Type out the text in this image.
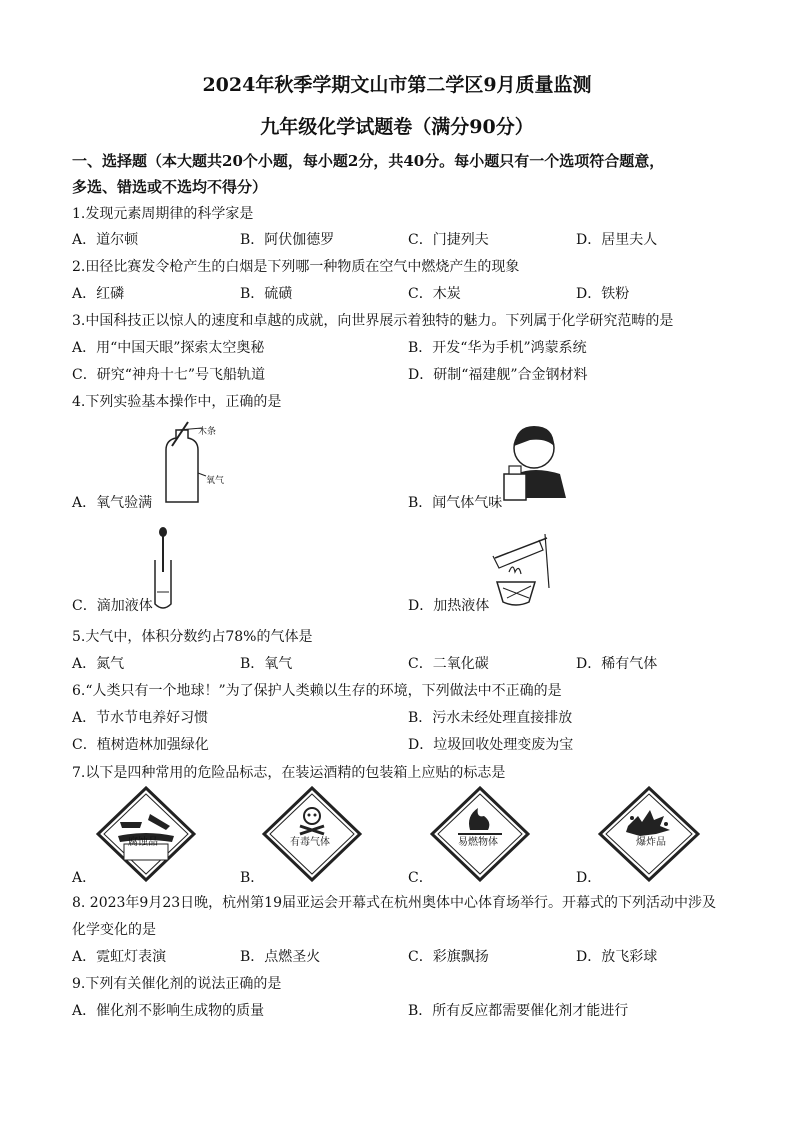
2024年秋季学期文山市第二学区9月质量监测
九年级化学试题卷（满分90分）
一、选择题（本大题共20个小题，每小题2分，共40分。每小题只有一个选项符合题意，
多选、错选或不选均不得分）
1.发现元素周期律的科学家是
A．道尔顿	B．阿伏伽德罗	C．门捷列夫	D．居里夫人
2.田径比赛发令枪产生的白烟是下列哪一种物质在空气中燃烧产生的现象
A．红磷	B．硫磺	C．木炭	D．铁粉
3.中国科技正以惊人的速度和卓越的成就，向世界展示着独特的魅力。下列属于化学研究范畴的是
A．用“中国天眼”探索太空奥秘	B．开发“华为手机”鸿蒙系统
C．研究“神舟十七”号飞船轨道	D．研制“福建舰”合金钢材料
4.下列实验基本操作中，正确的是
木条
氧气
A．氧气验满	B．闻气体气味
C．滴加液体	D．加热液体
5.大气中，体积分数约占78%的气体是
A．氮气	B．氧气	C．二氧化碳	D．稀有气体
6.“人类只有一个地球！”为了保护人类赖以生存的环境，下列做法中不正确的是
A．节水节电养好习惯	B．污水未经处理直接排放
C．植树造林加强绿化	D．垃圾回收处理变废为宝
7.以下是四种常用的危险品标志，在装运酒精的包装箱上应贴的标志是
腐蚀品	有毒气体	易燃物体	爆炸品
A．	B．	C．	D．
8. 2023年9月23日晚，杭州第19届亚运会开幕式在杭州奥体中心体育场举行。开幕式的下列活动中涉及
化学变化的是
A．霓虹灯表演	B．点燃圣火	C．彩旗飘扬	D．放飞彩球
9.下列有关催化剂的说法正确的是
A．催化剂不影响生成物的质量	B．所有反应都需要催化剂才能进行
